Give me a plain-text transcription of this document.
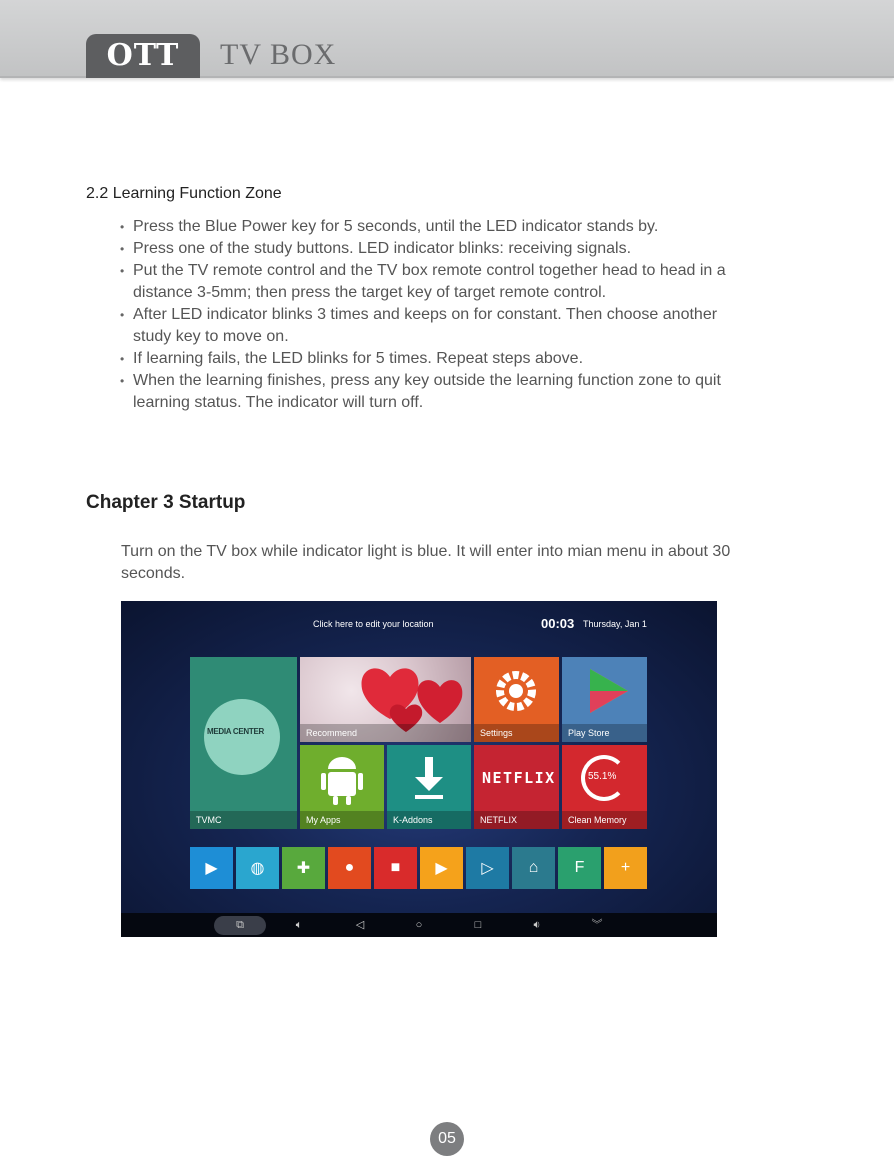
OTT	TV BOX
2.2 Learning Function Zone
• Press the Blue Power key for 5 seconds, until the LED indicator stands by.
• Press one of the study buttons. LED indicator blinks: receiving signals.
• Put the TV remote control and the TV box remote control together head to head in a
distance 3-5mm; then press the target key of target remote control.
• After LED indicator blinks 3 times and keeps on for constant. Then choose another
study key to move on.
• If learning fails, the LED blinks for 5 times. Repeat steps above.
• When the learning finishes, press any key outside the learning function zone to quit
learning status. The indicator will turn off.
Chapter 3 Startup
Turn on the TV box while indicator light is blue. It will enter into mian menu in about 30
seconds.
Click here to edit your location	00:03 Thursday, Jan 1
MEDIA CENTER
TVMC
Recommend	Settings	Play Store
My Apps	K-Addons
NETFLIX
NETFLIX
55.1%
Clean Memory
▶ ◍ ✚ ● ■ ▶ ▷ ⌂ F +
⧉	🔈︎	◁	○	□	🔉︎	︾
05
